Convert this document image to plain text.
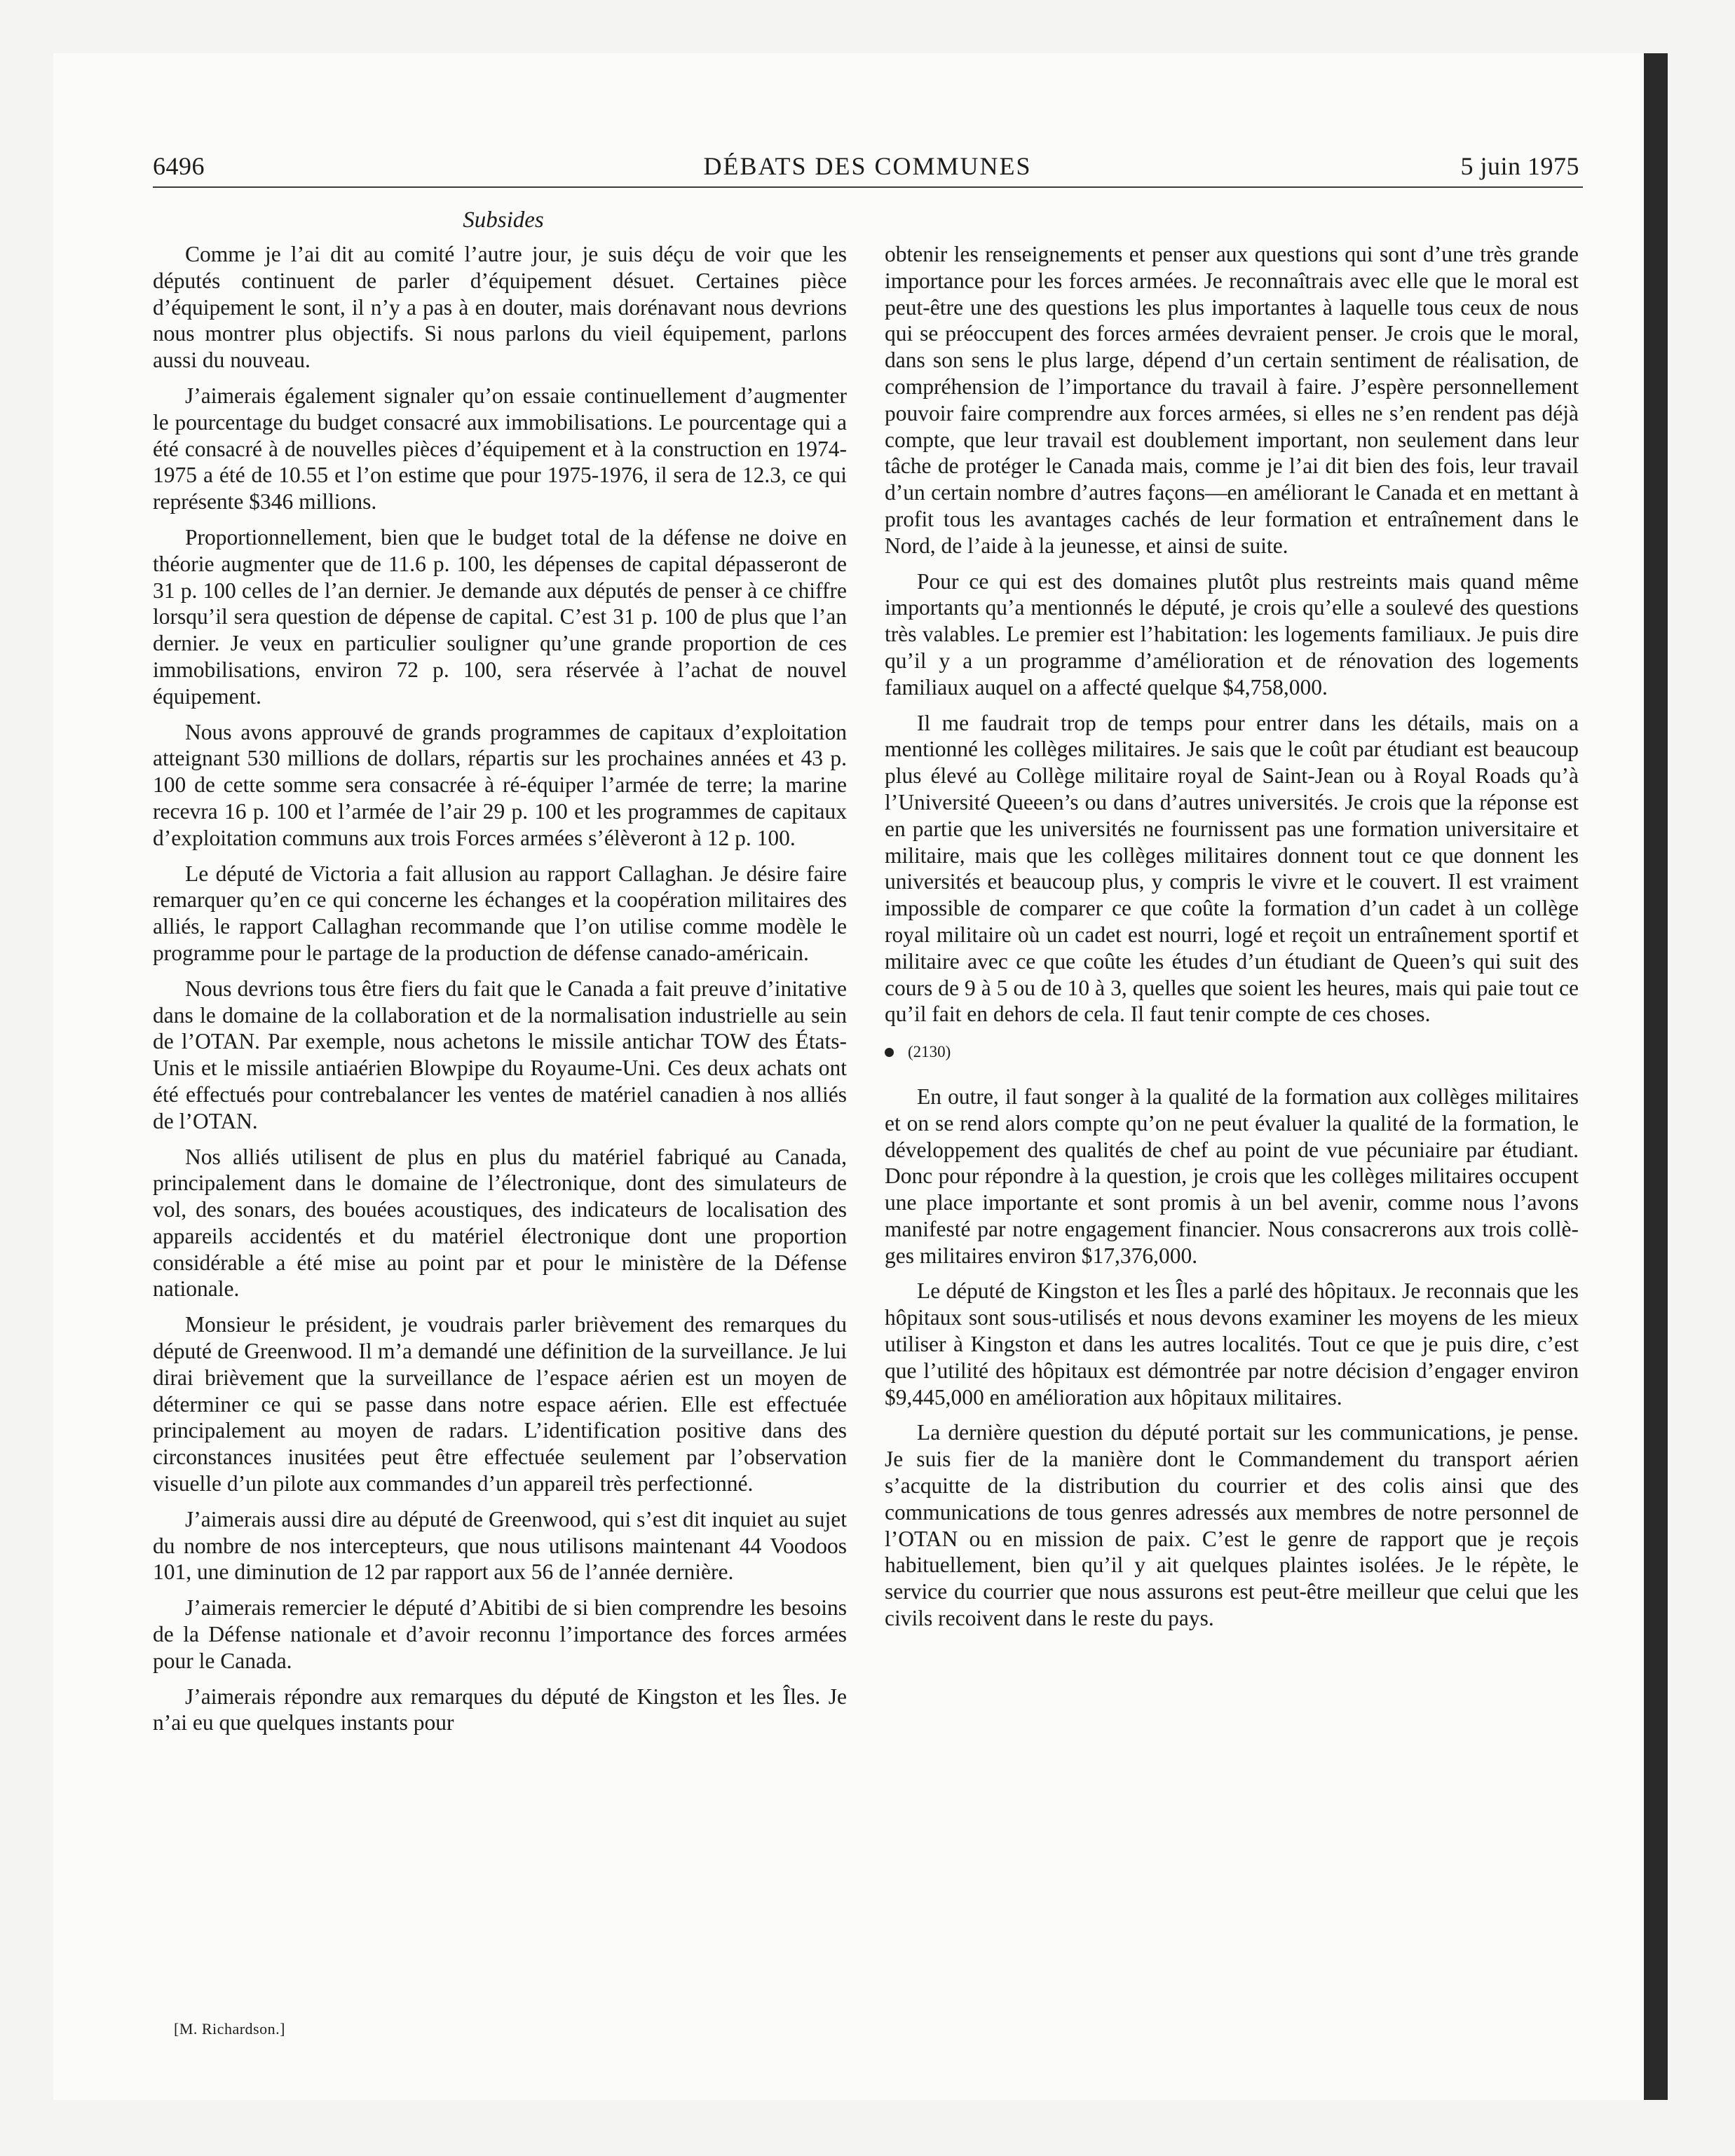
DÉBATS DES COMMUNES
6496	5 juin 1975
Subsides

Comme je l’ai dit au comité l’autre jour, je suis déçu de voir que les députés continuent de parler d’équipement désuet. Certaines pièce d’équipement le sont, il n’y a pas à en douter, mais dorénavant nous devrions nous montrer plus objectifs. Si nous parlons du vieil équipement, parlons aussi du nouveau.

J’aimerais également signaler qu’on essaie continuellement d’augmenter le pourcentage du budget consacré aux immobilisations. Le pourcentage qui a été consacré à de nouvelles pièces d’équipement et à la construction en 1974-1975 a été de 10.55 et l’on estime que pour 1975-1976, il sera de 12.3, ce qui représente $346 millions.

Proportionnellement, bien que le budget total de la défense ne doive en théorie augmenter que de 11.6 p. 100, les dépenses de capital dépasseront de 31 p. 100 celles de l’an dernier. Je demande aux députés de penser à ce chiffre lorsqu’il sera question de dépense de capital. C’est 31 p. 100 de plus que l’an dernier. Je veux en particulier souligner qu’une grande proportion de ces immobilisations, environ 72 p. 100, sera réservée à l’achat de nouvel équipement.

Nous avons approuvé de grands programmes de capitaux d’exploitation atteignant 530 millions de dollars, répartis sur les prochaines années et 43 p. 100 de cette somme sera consacrée à ré-équiper l’armée de terre; la marine recevra 16 p. 100 et l’armée de l’air 29 p. 100 et les programmes de capitaux d’exploitation communs aux trois Forces armées s’élèveront à 12 p. 100.

Le député de Victoria a fait allusion au rapport Callaghan. Je désire faire remarquer qu’en ce qui concerne les échanges et la coopération militaires des alliés, le rapport Callaghan recommande que l’on utilise comme modèle le programme pour le partage de la production de défense canado-américain.

Nous devrions tous être fiers du fait que le Canada a fait preuve d’initative dans le domaine de la collaboration et de la normalisation industrielle au sein de l’OTAN. Par exemple, nous achetons le missile antichar TOW des États-Unis et le missile antiaérien Blowpipe du Royaume-Uni. Ces deux achats ont été effectués pour contrebalancer les ventes de matériel canadien à nos alliés de l’OTAN.

Nos alliés utilisent de plus en plus du matériel fabriqué au Canada, principalement dans le domaine de l’électronique, dont des simulateurs de vol, des sonars, des bouées acoustiques, des indicateurs de localisation des appareils accidentés et du matériel électronique dont une proportion considérable a été mise au point par et pour le ministère de la Défense nationale.

Monsieur le président, je voudrais parler brièvement des remarques du député de Greenwood. Il m’a demandé une définition de la surveillance. Je lui dirai brièvement que la surveillance de l’espace aérien est un moyen de déterminer ce qui se passe dans notre espace aérien. Elle est effectuée principalement au moyen de radars. L’identification positive dans des circonstances inusitées peut être effectuée seulement par l’observation visuelle d’un pilote aux commandes d’un appareil très perfectionné.

J’aimerais aussi dire au député de Greenwood, qui s’est dit inquiet au sujet du nombre de nos intercepteurs, que nous utilisons maintenant 44 Voodoos 101, une diminution de 12 par rapport aux 56 de l’année dernière.

J’aimerais remercier le député d’Abitibi de si bien comprendre les besoins de la Défense nationale et d’avoir reconnu l’importance des forces armées pour le Canada.

J’aimerais répondre aux remarques du député de Kingston et les Îles. Je n’ai eu que quelques instants pour

obtenir les renseignements et penser aux questions qui sont d’une très grande importance pour les forces armées. Je reconnaîtrais avec elle que le moral est peut-être une des questions les plus importantes à laquelle tous ceux de nous qui se préoccupent des forces armées devraient penser. Je crois que le moral, dans son sens le plus large, dépend d’un certain sentiment de réalisation, de compréhension de l’importance du travail à faire. J’espère personnellement pouvoir faire comprendre aux forces armées, si elles ne s’en rendent pas déjà compte, que leur travail est doublement important, non seulement dans leur tâche de protéger le Canada mais, comme je l’ai dit bien des fois, leur travail d’un certain nombre d’autres façons—en améliorant le Canada et en mettant à profit tous les avantages cachés de leur formation et entraînement dans le Nord, de l’aide à la jeunesse, et ainsi de suite.

Pour ce qui est des domaines plutôt plus restreints mais quand même importants qu’a mentionnés le député, je crois qu’elle a soulevé des questions très valables. Le premier est l’habitation: les logements familiaux. Je puis dire qu’il y a un programme d’amélioration et de rénovation des logements familiaux auquel on a affecté quelque $4,758,000.

Il me faudrait trop de temps pour entrer dans les détails, mais on a mentionné les collèges militaires. Je sais que le coût par étudiant est beaucoup plus élevé au Collège militaire royal de Saint-Jean ou à Royal Roads qu’à l’Université Queeen’s ou dans d’autres universités. Je crois que la réponse est en partie que les universités ne fournissent pas une formation universitaire et militaire, mais que les collèges militaires donnent tout ce que donnent les universités et beaucoup plus, y compris le vivre et le couvert. Il est vraiment impossible de comparer ce que coûte la formation d’un cadet à un collège royal militaire où un cadet est nourri, logé et reçoit un entraînement sportif et militaire avec ce que coûte les études d’un étudiant de Queen’s qui suit des cours de 9 à 5 ou de 10 à 3, quelles que soient les heures, mais qui paie tout ce qu’il fait en dehors de cela. Il faut tenir compte de ces choses.

(2130)

En outre, il faut songer à la qualité de la formation aux collèges militaires et on se rend alors compte qu’on ne peut évaluer la qualité de la formation, le développement des qualités de chef au point de vue pécuniaire par étudiant. Donc pour répondre à la question, je crois que les collèges militaires occupent une place importante et sont promis à un bel avenir, comme nous l’avons manifesté par notre engagement financier. Nous consacrerons aux trois collèges militaires environ $17,376,000.

Le député de Kingston et les Îles a parlé des hôpitaux. Je reconnais que les hôpitaux sont sous-utilisés et nous devons examiner les moyens de les mieux utiliser à Kingston et dans les autres localités. Tout ce que je puis dire, c’est que l’utilité des hôpitaux est démontrée par notre décision d’engager environ $9,445,000 en amélioration aux hôpitaux militaires.

La dernière question du député portait sur les communications, je pense. Je suis fier de la manière dont le Commandement du transport aérien s’acquitte de la distribution du courrier et des colis ainsi que des communications de tous genres adressés aux membres de notre personnel de l’OTAN ou en mission de paix. C’est le genre de rapport que je reçois habituellement, bien qu’il y ait quelques plaintes isolées. Je le répète, le service du courrier que nous assurons est peut-être meilleur que celui que les civils recoivent dans le reste du pays.

[M. Richardson.]
